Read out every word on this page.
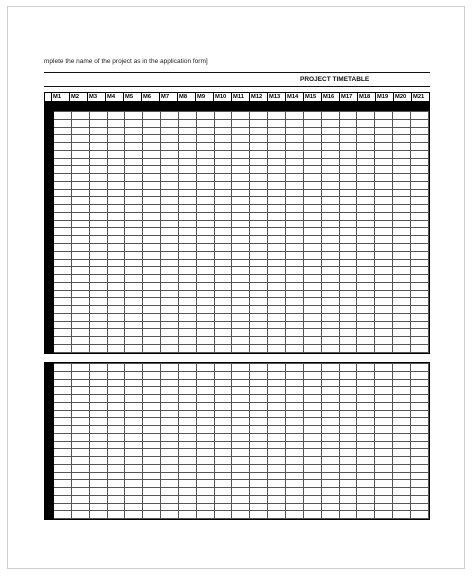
mplete the name of the project as in the application form]
PROJECT TIMETABLE
M1	M2	M3	M4	M5	M6	M7	M8	M9	M10	M11	M12	M13	M14	M15	M16	M17	M18	M19	M20	M21
